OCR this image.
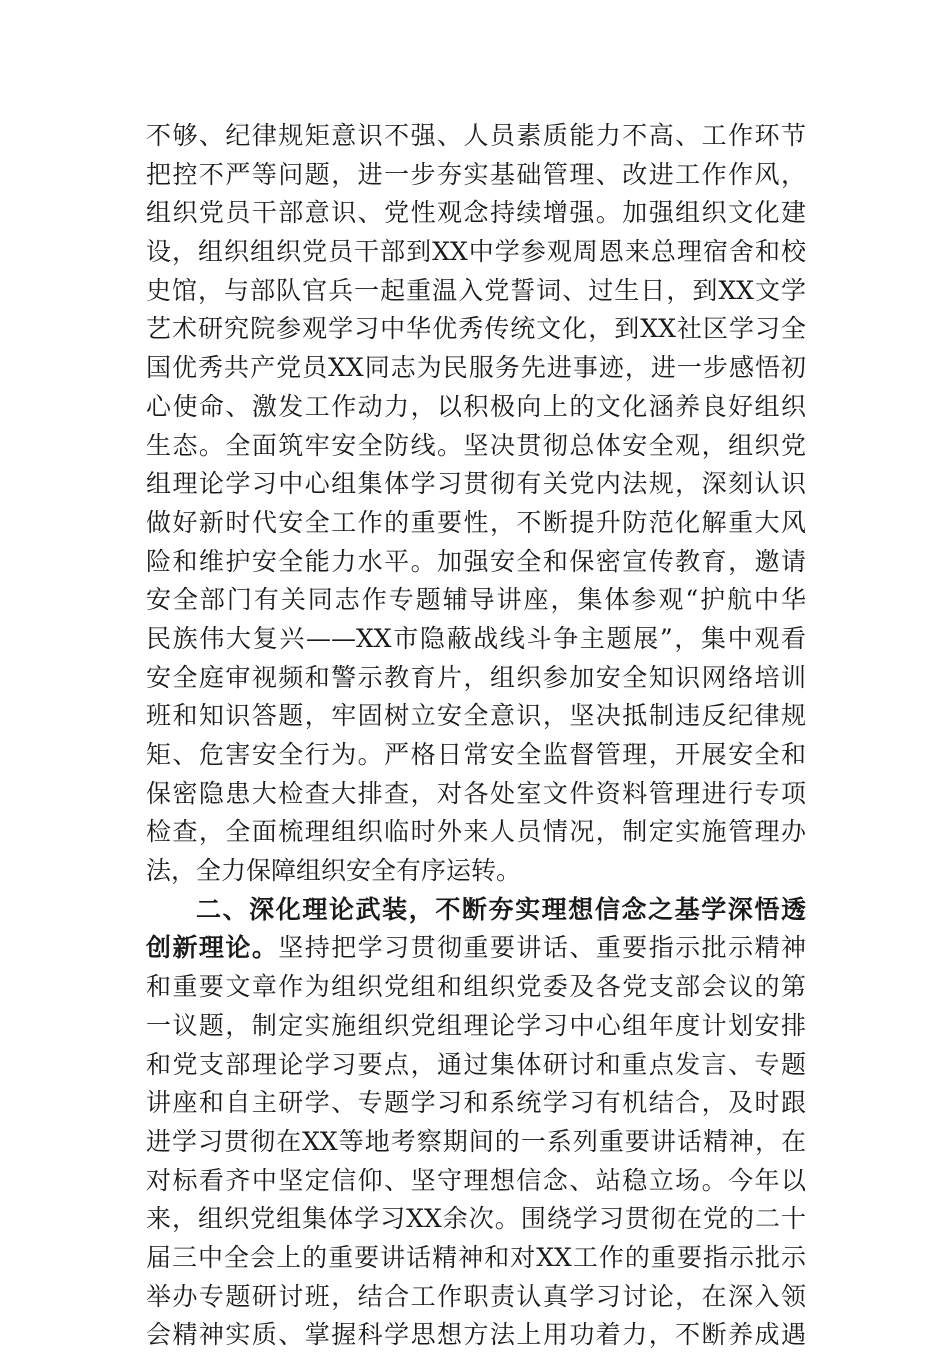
不够、纪律规矩意识不强、人员素质能力不高、工作环节
把控不严等问题，进一步夯实基础管理、改进工作作风，
组织党员干部意识、党性观念持续增强。加强组织文化建
设，组织组织党员干部到XX中学参观周恩来总理宿舍和校
史馆，与部队官兵一起重温入党誓词、过生日，到XX文学
艺术研究院参观学习中华优秀传统文化，到XX社区学习全
国优秀共产党员XX同志为民服务先进事迹，进一步感悟初
心使命、激发工作动力，以积极向上的文化涵养良好组织
生态。全面筑牢安全防线。坚决贯彻总体安全观，组织党
组理论学习中心组集体学习贯彻有关党内法规，深刻认识
做好新时代安全工作的重要性，不断提升防范化解重大风
险和维护安全能力水平。加强安全和保密宣传教育，邀请
安全部门有关同志作专题辅导讲座，集体参观“护航中华
民族伟大复兴——XX市隐蔽战线斗争主题展”，集中观看
安全庭审视频和警示教育片，组织参加安全知识网络培训
班和知识答题，牢固树立安全意识，坚决抵制违反纪律规
矩、危害安全行为。严格日常安全监督管理，开展安全和
保密隐患大检查大排查，对各处室文件资料管理进行专项
检查，全面梳理组织临时外来人员情况，制定实施管理办
法，全力保障组织安全有序运转。
二、深化理论武装，不断夯实理想信念之基学深悟透
创新理论。坚持把学习贯彻重要讲话、重要指示批示精神
和重要文章作为组织党组和组织党委及各党支部会议的第
一议题，制定实施组织党组理论学习中心组年度计划安排
和党支部理论学习要点，通过集体研讨和重点发言、专题
讲座和自主研学、专题学习和系统学习有机结合，及时跟
进学习贯彻在XX等地考察期间的一系列重要讲话精神，在
对标看齐中坚定信仰、坚守理想信念、站稳立场。今年以
来，组织党组集体学习XX余次。围绕学习贯彻在党的二十
届三中全会上的重要讲话精神和对XX工作的重要指示批示
举办专题研讨班，结合工作职责认真学习讨论，在深入领
会精神实质、掌握科学思想方法上用功着力，不断养成遇
